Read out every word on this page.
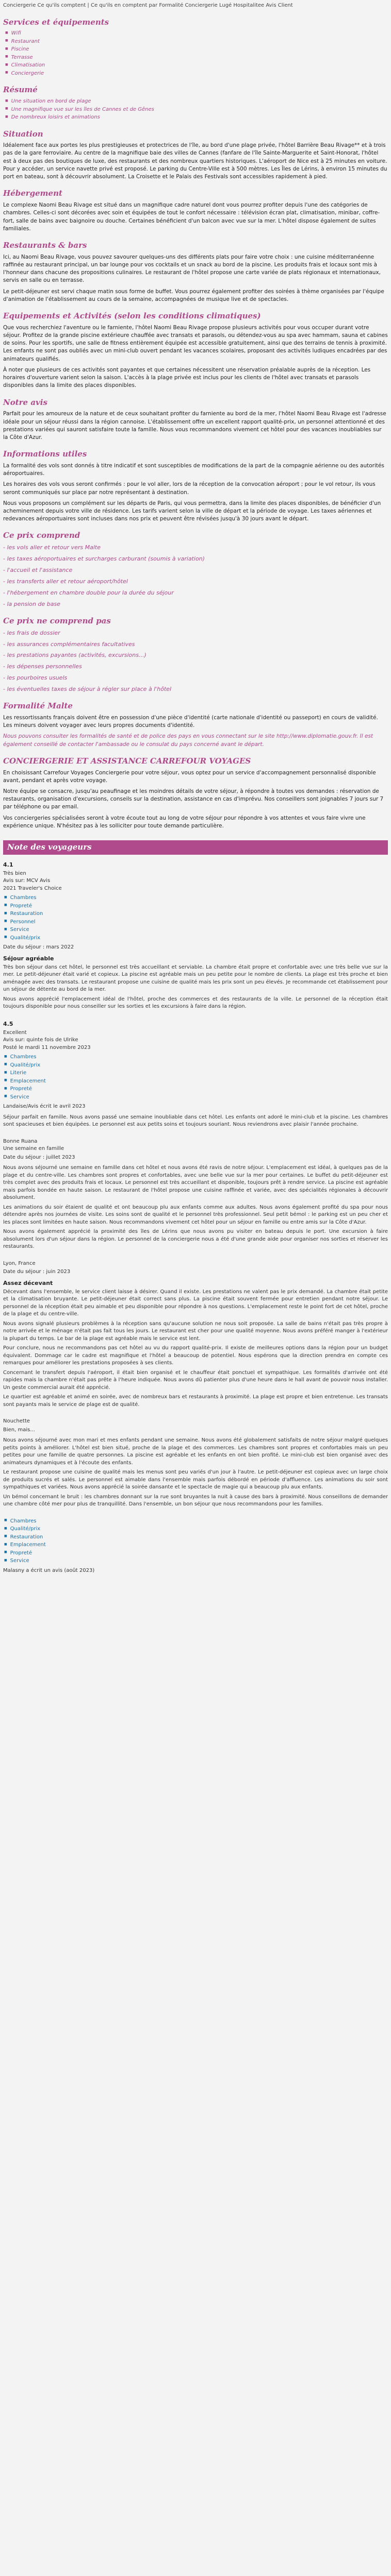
Conciergerie Ce qu'ils comptent | Ce qu'ils en comptent par Formalité Conciergerie Lugé Hospitalitee Avis Client
Services et équipements
■ Wifi
■ Restaurant
■ Piscine
■ Terrasse
■ Climatisation
■ Conciergerie
Résumé
■ Une situation en bord de plage
■ Une magnifique vue sur les îles de Cannes et de Gênes
■ De nombreux loisirs et animations
Situation

Idéalement face aux portes les plus prestigieuses et protectrices de l'île, au bord d'une plage privée, l'hôtel Barrière Beau Rivage** et à trois pas de la gare ferroviaire. Au centre de la magnifique baie des villes de Cannes (fanfare de l'île Sainte-Marguerite et Saint-Honorat, l'hôtel est à deux pas des boutiques de luxe, des restaurants et des nombreux quartiers historiques. L'aéroport de Nice est à 25 minutes en voiture. Pour y accéder, un service navette privé est proposé. Le parking du Centre-Ville est à 500 mètres. Les Îles de Lérins, à environ 15 minutes du port en bateau, sont à découvrir absolument. La Croisette et le Palais des Festivals sont accessibles rapidement à pied.

Hébergement

Le complexe Naomi Beau Rivage est situé dans un magnifique cadre naturel dont vous pourrez profiter depuis l'une des catégories de chambres. Celles-ci sont décorées avec soin et équipées de tout le confort nécessaire : télévision écran plat, climatisation, minibar, coffre-fort, salle de bains avec baignoire ou douche. Certaines bénéficient d'un balcon avec vue sur la mer. L'hôtel dispose également de suites familiales.

Restaurants & bars

Ici, au Naomi Beau Rivage, vous pouvez savourer quelques-uns des différents plats pour faire votre choix : une cuisine méditerranéenne raffinée au restaurant principal, un bar lounge pour vos cocktails et un snack au bord de la piscine. Les produits frais et locaux sont mis à l'honneur dans chacune des propositions culinaires. Le restaurant de l'hôtel propose une carte variée de plats régionaux et internationaux, servis en salle ou en terrasse.

Le petit-déjeuner est servi chaque matin sous forme de buffet. Vous pourrez également profiter des soirées à thème organisées par l'équipe d'animation de l'établissement au cours de la semaine, accompagnées de musique live et de spectacles.

Equipements et Activités (selon les conditions climatiques)

Que vous recherchiez l'aventure ou le farniente, l'hôtel Naomi Beau Rivage propose plusieurs activités pour vous occuper durant votre séjour. Profitez de la grande piscine extérieure chauffée avec transats et parasols, ou détendez-vous au spa avec hammam, sauna et cabines de soins. Pour les sportifs, une salle de fitness entièrement équipée est accessible gratuitement, ainsi que des terrains de tennis à proximité. Les enfants ne sont pas oubliés avec un mini-club ouvert pendant les vacances scolaires, proposant des activités ludiques encadrées par des animateurs qualifiés.

À noter que plusieurs de ces activités sont payantes et que certaines nécessitent une réservation préalable auprès de la réception. Les horaires d'ouverture varient selon la saison. L'accès à la plage privée est inclus pour les clients de l'hôtel avec transats et parasols disponibles dans la limite des places disponibles.

Notre avis

Parfait pour les amoureux de la nature et de ceux souhaitant profiter du farniente au bord de la mer, l'hôtel Naomi Beau Rivage est l'adresse idéale pour un séjour réussi dans la région cannoise. L'établissement offre un excellent rapport qualité-prix, un personnel attentionné et des prestations variées qui sauront satisfaire toute la famille. Nous vous recommandons vivement cet hôtel pour des vacances inoubliables sur la Côte d'Azur.

Informations utiles

La formalité des vols sont donnés à titre indicatif et sont susceptibles de modifications de la part de la compagnie aérienne ou des autorités aéroportuaires.

Les horaires des vols vous seront confirmés : pour le vol aller, lors de la réception de la convocation aéroport ; pour le vol retour, ils vous seront communiqués sur place par notre représentant à destination.

Nous vous proposons un complément sur les départs de Paris, qui vous permettra, dans la limite des places disponibles, de bénéficier d'un acheminement depuis votre ville de résidence. Les tarifs varient selon la ville de départ et la période de voyage. Les taxes aériennes et redevances aéroportuaires sont incluses dans nos prix et peuvent être révisées jusqu'à 30 jours avant le départ.

Ce prix comprend

- les vols aller et retour vers Malte

- les taxes aéroportuaires et surcharges carburant (soumis à variation)

- l'accueil et l'assistance

- les transferts aller et retour aéroport/hôtel

- l'hébergement en chambre double pour la durée du séjour

- la pension de base

Ce prix ne comprend pas

- les frais de dossier

- les assurances complémentaires facultatives

- les prestations payantes (activités, excursions...)

- les dépenses personnelles

- les pourboires usuels

- les éventuelles taxes de séjour à régler sur place à l'hôtel

Formalité Malte

Les ressortissants français doivent être en possession d'une pièce d'identité (carte nationale d'identité ou passeport) en cours de validité. Les mineurs doivent voyager avec leurs propres documents d'identité.

Nous pouvons consulter les formalités de santé et de police des pays en vous connectant sur le site http://www.diplomatie.gouv.fr. Il est également conseillé de contacter l'ambassade ou le consulat du pays concerné avant le départ.

CONCIERGERIE ET ASSISTANCE CARREFOUR VOYAGES

En choisissant Carrefour Voyages Conciergerie pour votre séjour, vous optez pour un service d'accompagnement personnalisé disponible avant, pendant et après votre voyage.

Notre équipe se consacre, jusqu'au peaufinage et les moindres détails de votre séjour, à répondre à toutes vos demandes : réservation de restaurants, organisation d'excursions, conseils sur la destination, assistance en cas d'imprévu. Nos conseillers sont joignables 7 jours sur 7 par téléphone ou par email.

Vos conciergeries spécialisées seront à votre écoute tout au long de votre séjour pour répondre à vos attentes et vous faire vivre une expérience unique. N'hésitez pas à les solliciter pour toute demande particulière.

Note des voyageurs
4.1
Très bien
Avis sur: MCV Avis
2021 Traveler's Choice
■ Chambres
■ Propreté
■ Restauration
■ Personnel
■ Service
■ Qualité/prix
Date du séjour : mars 2022
Séjour agréable

Très bon séjour dans cet hôtel, le personnel est très accueillant et serviable. La chambre était propre et confortable avec une très belle vue sur la mer. Le petit-déjeuner était varié et copieux. La piscine est agréable mais un peu petite pour le nombre de clients. La plage est très proche et bien aménagée avec des transats. Le restaurant propose une cuisine de qualité mais les prix sont un peu élevés. Je recommande cet établissement pour un séjour de détente au bord de la mer.

Nous avons apprécié l'emplacement idéal de l'hôtel, proche des commerces et des restaurants de la ville. Le personnel de la réception était toujours disponible pour nous conseiller sur les sorties et les excursions à faire dans la région.

4.5
Excellent
Avis sur: quinte fois de Ulrike
Posté le mardi 11 novembre 2023
■ Chambres
■ Qualité/prix
■ Literie
■ Emplacement
■ Propreté
■ Service
Landaise/Avis écrit le avril 2023

Séjour parfait en famille. Nous avons passé une semaine inoubliable dans cet hôtel. Les enfants ont adoré le mini-club et la piscine. Les chambres sont spacieuses et bien équipées. Le personnel est aux petits soins et toujours souriant. Nous reviendrons avec plaisir l'année prochaine.

Bonne Ruana
Une semaine en famille
Date du séjour : juillet 2023

Nous avons séjourné une semaine en famille dans cet hôtel et nous avons été ravis de notre séjour. L'emplacement est idéal, à quelques pas de la plage et du centre-ville. Les chambres sont propres et confortables, avec une belle vue sur la mer pour certaines. Le buffet du petit-déjeuner est très complet avec des produits frais et locaux. Le personnel est très accueillant et disponible, toujours prêt à rendre service. La piscine est agréable mais parfois bondée en haute saison. Le restaurant de l'hôtel propose une cuisine raffinée et variée, avec des spécialités régionales à découvrir absolument.

Les animations du soir étaient de qualité et ont beaucoup plu aux enfants comme aux adultes. Nous avons également profité du spa pour nous détendre après nos journées de visite. Les soins sont de qualité et le personnel très professionnel. Seul petit bémol : le parking est un peu cher et les places sont limitées en haute saison. Nous recommandons vivement cet hôtel pour un séjour en famille ou entre amis sur la Côte d'Azur.

Nous avons également apprécié la proximité des îles de Lérins que nous avons pu visiter en bateau depuis le port. Une excursion à faire absolument lors d'un séjour dans la région. Le personnel de la conciergerie nous a été d'une grande aide pour organiser nos sorties et réserver les restaurants.

Lyon, France
Date du séjour : juin 2023
Assez décevant

Décevant dans l'ensemble, le service client laisse à désirer. Quand il existe. Les prestations ne valent pas le prix demandé. La chambre était petite et la climatisation bruyante. Le petit-déjeuner était correct sans plus. La piscine était souvent fermée pour entretien pendant notre séjour. Le personnel de la réception était peu aimable et peu disponible pour répondre à nos questions. L'emplacement reste le point fort de cet hôtel, proche de la plage et du centre-ville.

Nous avons signalé plusieurs problèmes à la réception sans qu'aucune solution ne nous soit proposée. La salle de bains n'était pas très propre à notre arrivée et le ménage n'était pas fait tous les jours. Le restaurant est cher pour une qualité moyenne. Nous avons préféré manger à l'extérieur la plupart du temps. Le bar de la plage est agréable mais le service est lent.

Pour conclure, nous ne recommandons pas cet hôtel au vu du rapport qualité-prix. Il existe de meilleures options dans la région pour un budget équivalent. Dommage car le cadre est magnifique et l'hôtel a beaucoup de potentiel. Nous espérons que la direction prendra en compte ces remarques pour améliorer les prestations proposées à ses clients.

Concernant le transfert depuis l'aéroport, il était bien organisé et le chauffeur était ponctuel et sympathique. Les formalités d'arrivée ont été rapides mais la chambre n'était pas prête à l'heure indiquée. Nous avons dû patienter plus d'une heure dans le hall avant de pouvoir nous installer. Un geste commercial aurait été apprécié.

Le quartier est agréable et animé en soirée, avec de nombreux bars et restaurants à proximité. La plage est propre et bien entretenue. Les transats sont payants mais le service de plage est de qualité.

Nouchette
Bien, mais...

Nous avons séjourné avec mon mari et mes enfants pendant une semaine. Nous avons été globalement satisfaits de notre séjour malgré quelques petits points à améliorer. L'hôtel est bien situé, proche de la plage et des commerces. Les chambres sont propres et confortables mais un peu petites pour une famille de quatre personnes. La piscine est agréable et les enfants en ont bien profité. Le mini-club est bien organisé avec des animateurs dynamiques et à l'écoute des enfants.

Le restaurant propose une cuisine de qualité mais les menus sont peu variés d'un jour à l'autre. Le petit-déjeuner est copieux avec un large choix de produits sucrés et salés. Le personnel est aimable dans l'ensemble mais parfois débordé en période d'affluence. Les animations du soir sont sympathiques et variées. Nous avons apprécié la soirée dansante et le spectacle de magie qui a beaucoup plu aux enfants.

Un bémol concernant le bruit : les chambres donnant sur la rue sont bruyantes la nuit à cause des bars à proximité. Nous conseillons de demander une chambre côté mer pour plus de tranquillité. Dans l'ensemble, un bon séjour que nous recommandons pour les familles.

■ Chambres
■ Qualité/prix
■ Restauration
■ Emplacement
■ Propreté
■ Service
Malasny a écrit un avis (août 2023)
